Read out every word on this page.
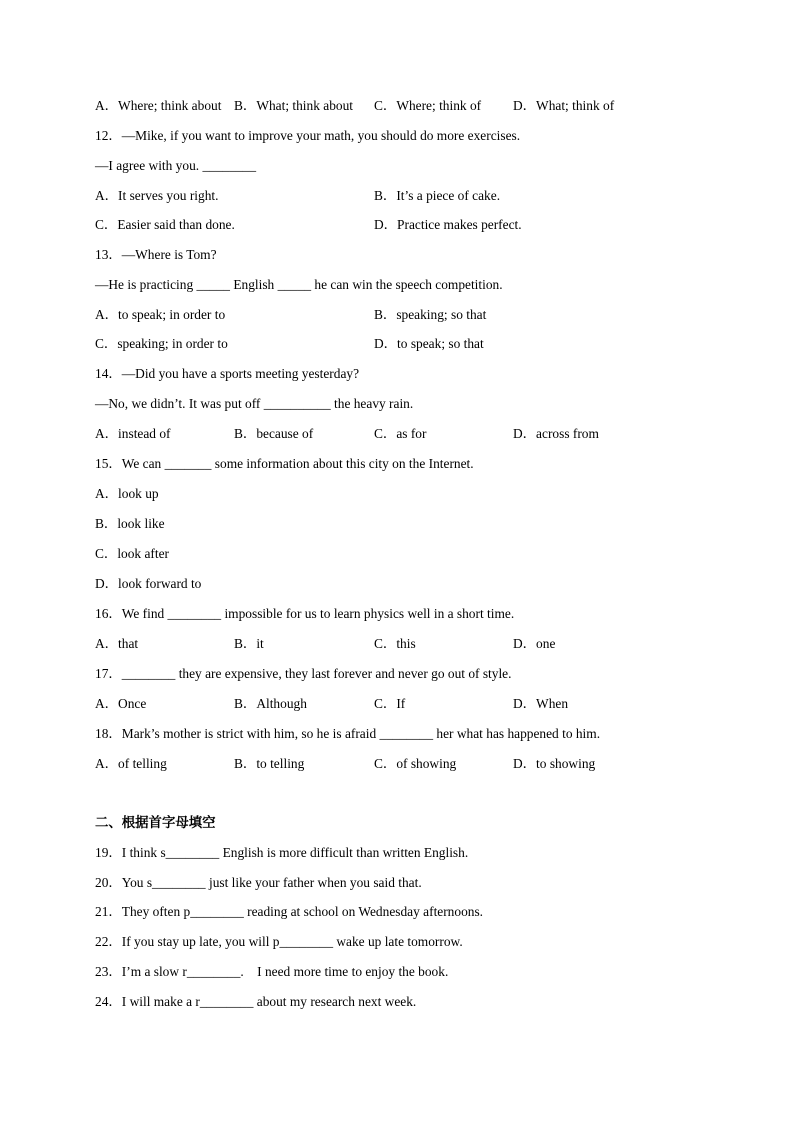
A．Where; think about B．What; think about C．Where; think of D．What; think of
12．—Mike, if you want to improve your math, you should do more exercises.
—I agree with you. ________
A．It serves you right.	B．It’s a piece of cake.
C．Easier said than done.	D．Practice makes perfect.
13．—Where is Tom?
—He is practicing _____ English _____ he can win the speech competition.
A．to speak; in order to	B．speaking; so that
C．speaking; in order to	D．to speak; so that
14．—Did you have a sports meeting yesterday?
—No, we didn’t. It was put off __________ the heavy rain.
A．instead of	B．because of	C．as for	D．across from
15．We can _______ some information about this city on the Internet.
A．look up
B．look like
C．look after
D．look forward to
16．We find ________ impossible for us to learn physics well in a short time.
A．that	B．it	C．this	D．one
17．________ they are expensive, they last forever and never go out of style.
A．Once	B．Although	C．If	D．When
18．Mark’s mother is strict with him, so he is afraid ________ her what has happened to him.
A．of telling	B．to telling	C．of showing	D．to showing
二、根据首字母填空
19．I think s________ English is more difficult than written English.
20．You s________ just like your father when you said that.
21．They often p________ reading at school on Wednesday afternoons.
22．If you stay up late, you will p________ wake up late tomorrow.
23．I’m a slow r________.    I need more time to enjoy the book.
24．I will make a r________ about my research next week.
